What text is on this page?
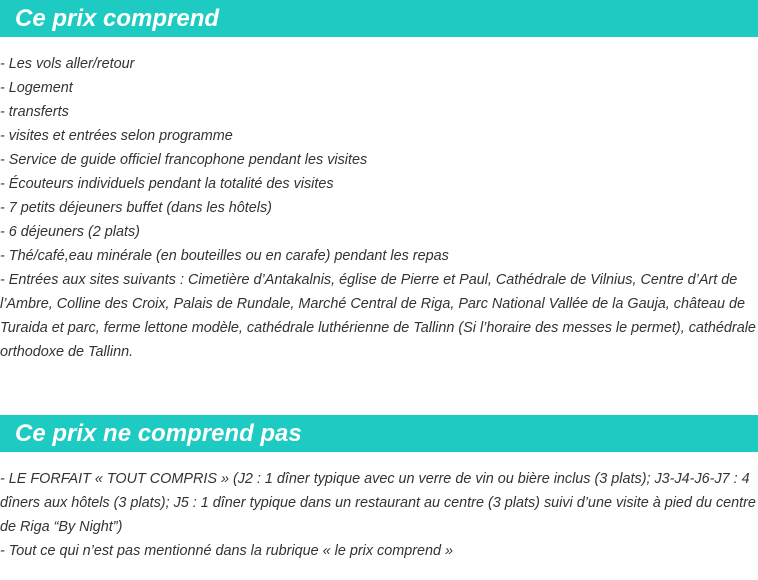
Ce prix comprend
- Les vols aller/retour
- Logement
- transferts
- visites et entrées selon programme
- Service de guide officiel francophone pendant les visites
- Écouteurs individuels pendant la totalité des visites
- 7 petits déjeuners buffet (dans les hôtels)
- 6 déjeuners (2 plats)
- Thé/café,eau minérale (en bouteilles ou en carafe) pendant les repas
- Entrées aux sites suivants : Cimetière d’Antakalnis, église de Pierre et Paul, Cathédrale de Vilnius, Centre d’Art de l’Ambre, Colline des Croix, Palais de Rundale, Marché Central de Riga, Parc National Vallée de la Gauja, château de Turaida et parc, ferme lettone modèle, cathédrale luthérienne de Tallinn (Si l’horaire des messes le permet), cathédrale orthodoxe de Tallinn.
Ce prix ne comprend pas
- LE FORFAIT « TOUT COMPRIS » (J2 : 1 dîner typique avec un verre de vin ou bière inclus (3 plats); J3-J4-J6-J7 : 4 dîners aux hôtels (3 plats); J5 : 1 dîner typique dans un restaurant au centre (3 plats) suivi d’une visite à pied du centre de Riga “By Night”)
- Tout ce qui n’est pas mentionné dans la rubrique « le prix comprend »
